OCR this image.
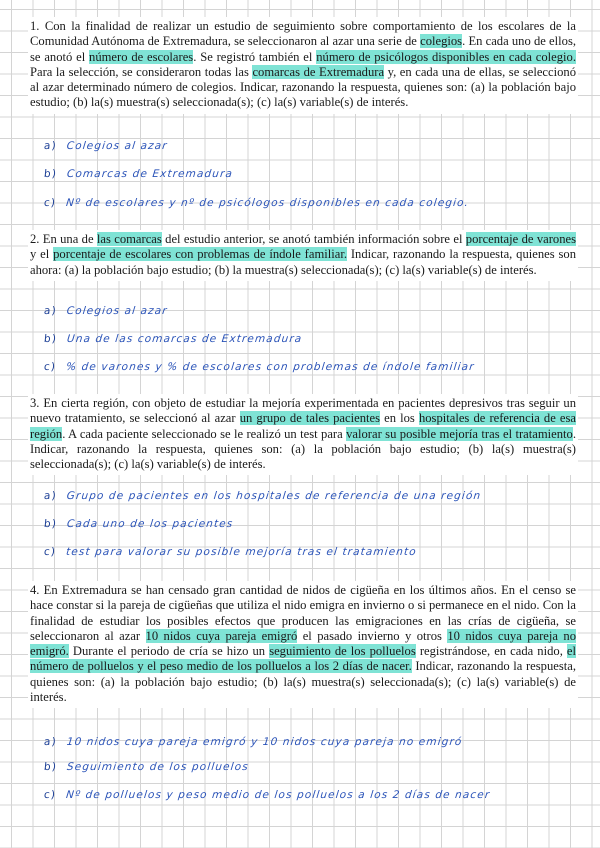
1. Con la finalidad de realizar un estudio de seguimiento sobre comportamiento de los escolares de la Comunidad Autónoma de Extremadura, se seleccionaron al azar una serie de colegios. En cada uno de ellos, se anotó el número de escolares. Se registró también el número de psicólogos disponibles en cada colegio. Para la selección, se consideraron todas las comarcas de Extremadura y, en cada una de ellas, se seleccionó al azar determinado número de colegios. Indicar, razonando la respuesta, quienes son: (a) la población bajo estudio; (b) la(s) muestra(s) seleccionada(s); (c) la(s) variable(s) de interés.

a) Colegios al azar
b) Comarcas de Extremadura
c) Nº de escolares y nº de psicólogos disponibles en cada colegio.

2. En una de las comarcas del estudio anterior, se anotó también información sobre el porcentaje de varones y el porcentaje de escolares con problemas de índole familiar. Indicar, razonando la respuesta, quienes son ahora: (a) la población bajo estudio; (b) la muestra(s) seleccionada(s); (c) la(s) variable(s) de interés.

a) Colegios al azar
b) Una de las comarcas de Extremadura
c) % de varones y % de escolares con problemas de índole familiar

3. En cierta región, con objeto de estudiar la mejoría experimentada en pacientes depresivos tras seguir un nuevo tratamiento, se seleccionó al azar un grupo de tales pacientes en los hospitales de referencia de esa región. A cada paciente seleccionado se le realizó un test para valorar su posible mejoría tras el tratamiento. Indicar, razonando la respuesta, quienes son: (a) la población bajo estudio; (b) la(s) muestra(s) seleccionada(s); (c) la(s) variable(s) de interés.

a) Grupo de pacientes en los hospitales de referencia de una región
b) Cada uno de los pacientes
c) test para valorar su posible mejoría tras el tratamiento

4. En Extremadura se han censado gran cantidad de nidos de cigüeña en los últimos años. En el censo se hace constar si la pareja de cigüeñas que utiliza el nido emigra en invierno o si permanece en el nido. Con la finalidad de estudiar los posibles efectos que producen las emigraciones en las crías de cigüeña, se seleccionaron al azar 10 nidos cuya pareja emigró el pasado invierno y otros 10 nidos cuya pareja no emigró. Durante el periodo de cría se hizo un seguimiento de los polluelos registrándose, en cada nido, el número de polluelos y el peso medio de los polluelos a los 2 días de nacer. Indicar, razonando la respuesta, quienes son: (a) la población bajo estudio; (b) la(s) muestra(s) seleccionada(s); (c) la(s) variable(s) de interés.

a) 10 nidos cuya pareja emigró y 10 nidos cuya pareja no emigró
b) Seguimiento de los polluelos
c) Nº de polluelos y peso medio de los polluelos a los 2 días de nacer
